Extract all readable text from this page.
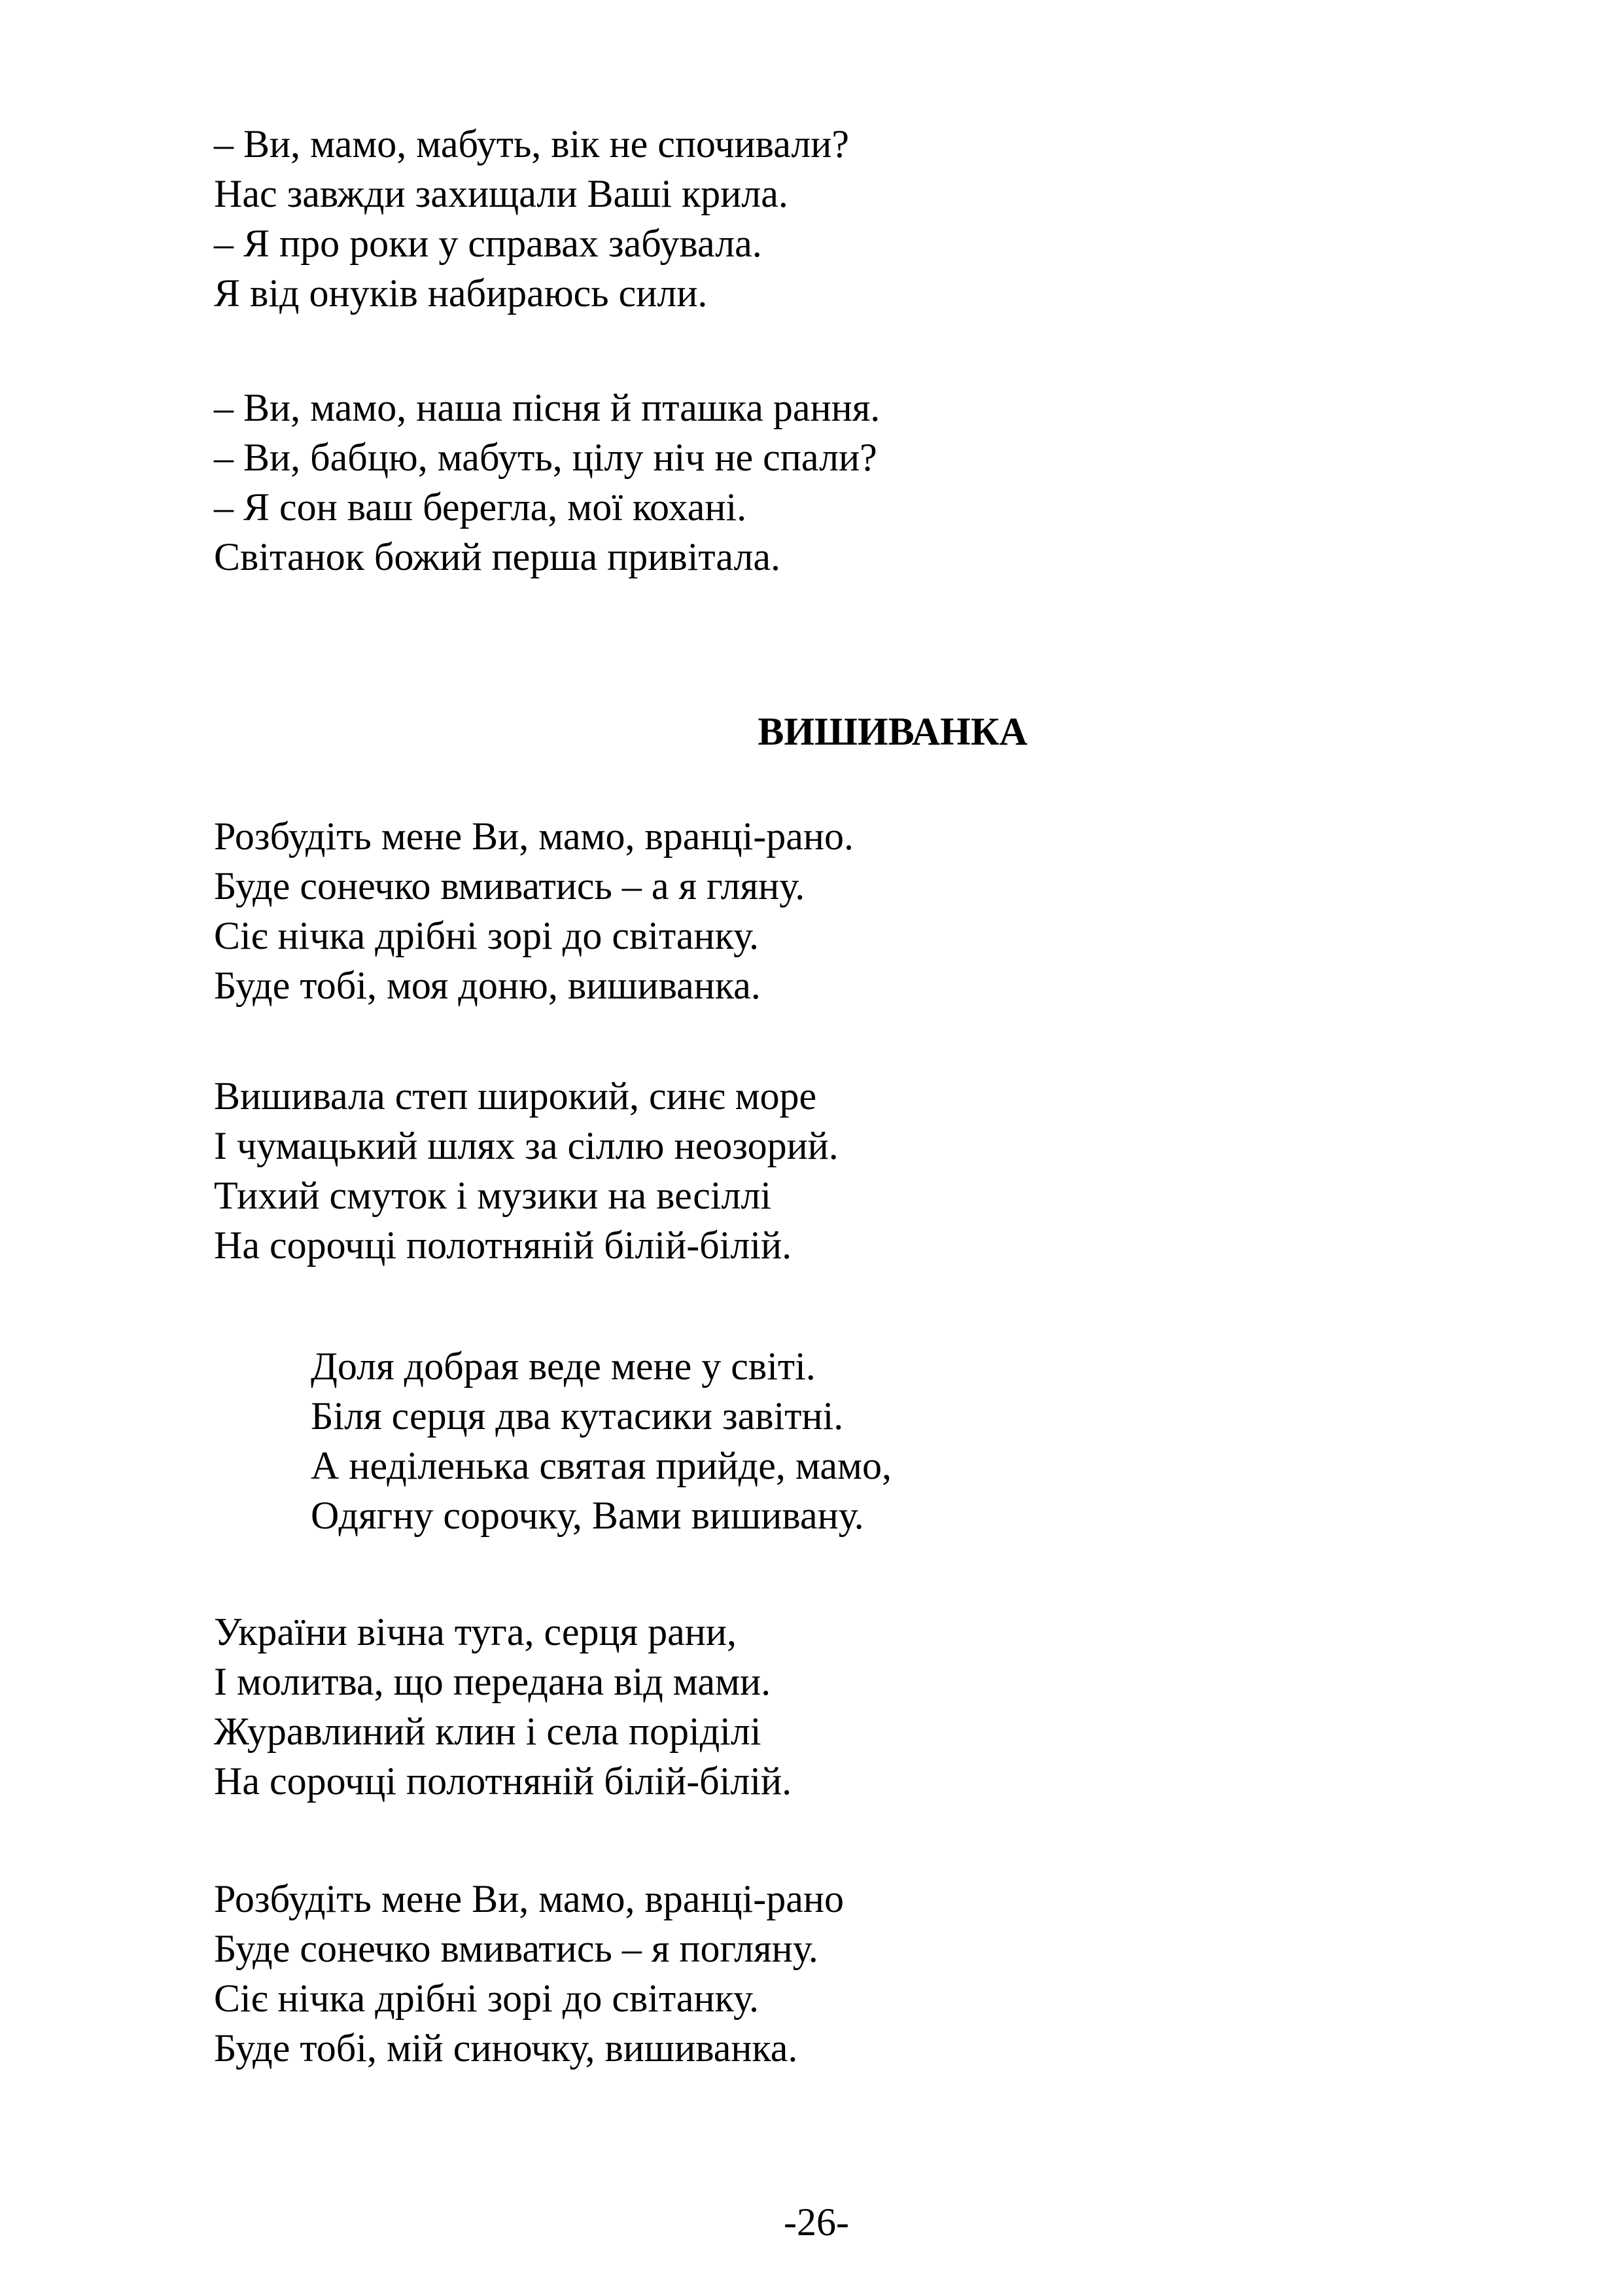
– Ви, мамо, мабуть, вік не спочивали?
Нас завжди захищали Ваші крила.
– Я про роки у справах забувала.
Я від онуків набираюсь сили.
– Ви, мамо, наша пісня й пташка рання.
– Ви, бабцю, мабуть, цілу ніч не спали?
– Я сон ваш берегла, мої кохані.
Світанок божий перша привітала.
ВИШИВАНКА
Розбудіть мене Ви, мамо, вранці-рано.
Буде сонечко вмиватись – а я гляну.
Сіє нічка дрібні зорі до світанку.
Буде тобі, моя доню, вишиванка.
Вишивала степ широкий, синє море
І чумацький шлях за сіллю неозорий.
Тихий смуток і музики на весіллі
На сорочці полотняній білій-білій.
Доля добрая веде мене у світі.
Біля серця два кутасики завітні.
А неділенька святая прийде, мамо,
Одягну сорочку, Вами вишивану.
України вічна туга, серця рани,
І молитва, що передана від мами.
Журавлиний клин і села поріділі
На сорочці полотняній білій-білій.
Розбудіть мене Ви, мамо, вранці-рано
Буде сонечко вмиватись – я погляну.
Сіє нічка дрібні зорі до світанку.
Буде тобі, мій синочку, вишиванка.
-26-
